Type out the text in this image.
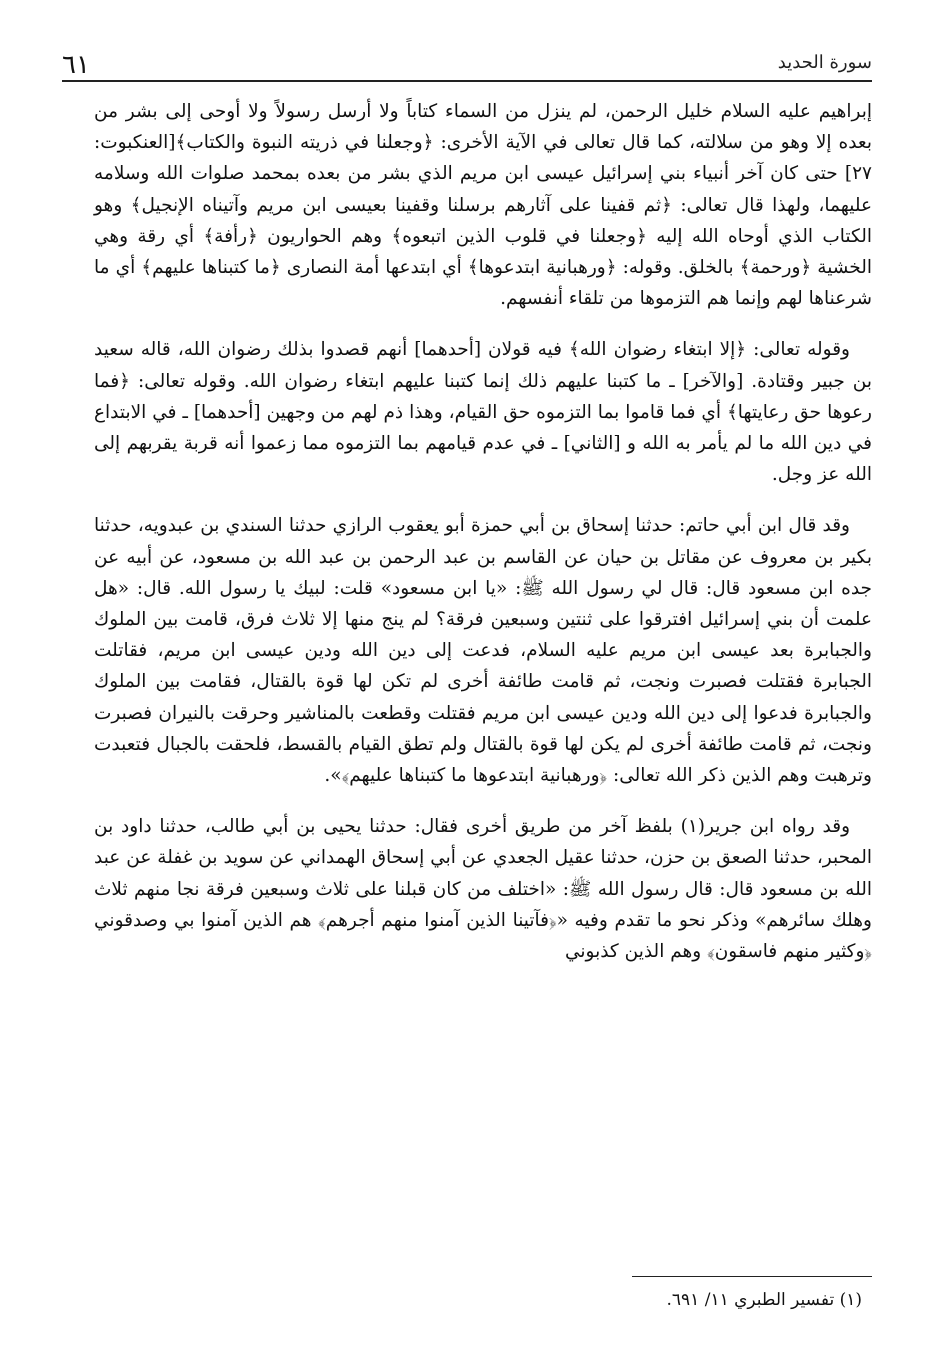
٦١	سورة الحديد

إبراهيم عليه السلام خليل الرحمن، لم ينزل من السماء كتاباً ولا أرسل رسولاً ولا أوحى إلى بشر من بعده إلا وهو من سلالته، كما قال تعالى في الآية الأخرى: ﴿وجعلنا في ذريته النبوة والكتاب﴾[العنكبوت: ٢٧] حتى كان آخر أنبياء بني إسرائيل عيسى ابن مريم الذي بشر من بعده بمحمد صلوات الله وسلامه عليهما، ولهذا قال تعالى: ﴿ثم قفينا على آثارهم برسلنا وقفينا بعيسى ابن مريم وآتيناه الإنجيل﴾ وهو الكتاب الذي أوحاه الله إليه ﴿وجعلنا في قلوب الذين اتبعوه﴾ وهم الحواريون ﴿رأفة﴾ أي رقة وهي الخشية ﴿ورحمة﴾ بالخلق. وقوله: ﴿ورهبانية ابتدعوها﴾ أي ابتدعها أمة النصارى ﴿ما كتبناها عليهم﴾ أي ما شرعناها لهم وإنما هم التزموها من تلقاء أنفسهم.

وقوله تعالى: ﴿إلا ابتغاء رضوان الله﴾ فيه قولان [أحدهما] أنهم قصدوا بذلك رضوان الله، قاله سعيد بن جبير وقتادة. [والآخر] ـ ما كتبنا عليهم ذلك إنما كتبنا عليهم ابتغاء رضوان الله. وقوله تعالى: ﴿فما رعوها حق رعايتها﴾ أي فما قاموا بما التزموه حق القيام، وهذا ذم لهم من وجهين [أحدهما] ـ في الابتداع في دين الله ما لم يأمر به الله و [الثاني] ـ في عدم قيامهم بما التزموه مما زعموا أنه قربة يقربهم إلى الله عز وجل.

وقد قال ابن أبي حاتم: حدثنا إسحاق بن أبي حمزة أبو يعقوب الرازي حدثنا السندي بن عبدويه، حدثنا بكير بن معروف عن مقاتل بن حيان عن القاسم بن عبد الرحمن بن عبد الله بن مسعود، عن أبيه عن جده ابن مسعود قال: قال لي رسول الله ﷺ: «يا ابن مسعود» قلت: لبيك يا رسول الله. قال: «هل علمت أن بني إسرائيل افترقوا على ثنتين وسبعين فرقة؟ لم ينج منها إلا ثلاث فرق، قامت بين الملوك والجبابرة بعد عيسى ابن مريم عليه السلام، فدعت إلى دين الله ودين عيسى ابن مريم، فقاتلت الجبابرة فقتلت فصبرت ونجت، ثم قامت طائفة أخرى لم تكن لها قوة بالقتال، فقامت بين الملوك والجبابرة فدعوا إلى دين الله ودين عيسى ابن مريم فقتلت وقطعت بالمناشير وحرقت بالنيران فصبرت ونجت، ثم قامت طائفة أخرى لم يكن لها قوة بالقتال ولم تطق القيام بالقسط، فلحقت بالجبال فتعبدت وترهبت وهم الذين ذكر الله تعالى: ﴿ورهبانية ابتدعوها ما كتبناها عليهم﴾».

وقد رواه ابن جرير(١) بلفظ آخر من طريق أخرى فقال: حدثنا يحيى بن أبي طالب، حدثنا داود بن المحبر، حدثنا الصعق بن حزن، حدثنا عقيل الجعدي عن أبي إسحاق الهمداني عن سويد بن غفلة عن عبد الله بن مسعود قال: قال رسول الله ﷺ: «اختلف من كان قبلنا على ثلاث وسبعين فرقة نجا منهم ثلاث وهلك سائرهم» وذكر نحو ما تقدم وفيه «﴿فآتينا الذين آمنوا منهم أجرهم﴾ هم الذين آمنوا بي وصدقوني ﴿وكثير منهم فاسقون﴾ وهم الذين كذبوني

(١) تفسير الطبري ١١/ ٦٩١.
